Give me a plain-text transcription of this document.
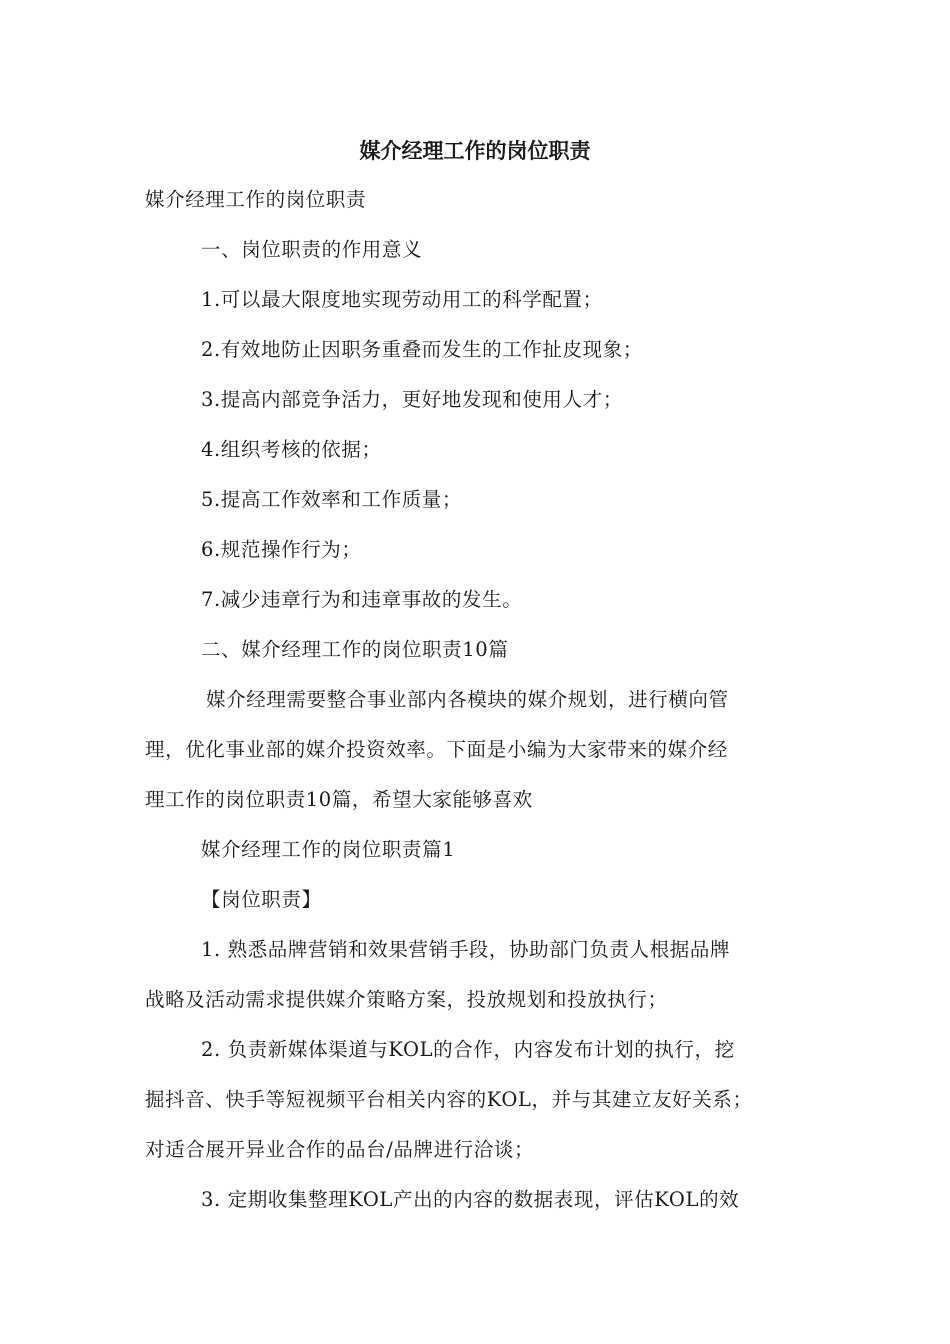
媒介经理工作的岗位职责

媒介经理工作的岗位职责

一、岗位职责的作用意义

1.可以最大限度地实现劳动用工的科学配置；

2.有效地防止因职务重叠而发生的工作扯皮现象；

3.提高内部竞争活力，更好地发现和使用人才；

4.组织考核的依据；

5.提高工作效率和工作质量；

6.规范操作行为；

7.减少违章行为和违章事故的发生。

二、媒介经理工作的岗位职责10篇

媒介经理需要整合事业部内各模块的媒介规划，进行横向管

理，优化事业部的媒介投资效率。下面是小编为大家带来的媒介经

理工作的岗位职责10篇，希望大家能够喜欢

媒介经理工作的岗位职责篇1

【岗位职责】

1. 熟悉品牌营销和效果营销手段，协助部门负责人根据品牌

战略及活动需求提供媒介策略方案，投放规划和投放执行；

2. 负责新媒体渠道与KOL的合作，内容发布计划的执行，挖

掘抖音、快手等短视频平台相关内容的KOL，并与其建立友好关系；

对适合展开异业合作的品台/品牌进行洽谈；

3. 定期收集整理KOL产出的内容的数据表现，评估KOL的效
